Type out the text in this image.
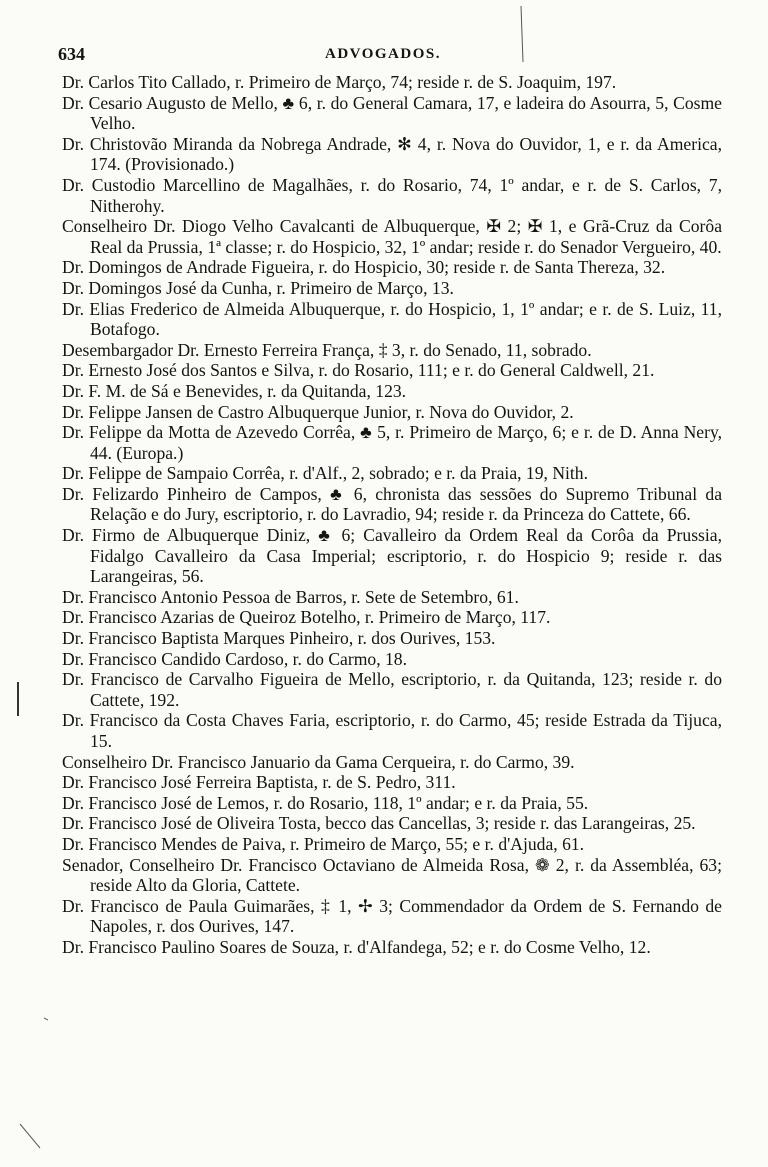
634	ADVOGADOS.

Dr. Carlos Tito Callado, r. Primeiro de Março, 74; reside r. de S. Joaquim, 197.

Dr. Cesario Augusto de Mello, ♣ 6, r. do General Camara, 17, e ladeira do Asourra, 5, Cosme Velho.

Dr. Christovão Miranda da Nobrega Andrade, ✻ 4, r. Nova do Ouvidor, 1, e r. da America, 174. (Provisionado.)

Dr. Custodio Marcellino de Magalhães, r. do Rosario, 74, 1º andar, e r. de S. Carlos, 7, Nitherohy.

Conselheiro Dr. Diogo Velho Cavalcanti de Albuquerque, ✠ 2; ✠ 1, e Grã-Cruz da Corôa Real da Prussia, 1ª classe; r. do Hospicio, 32, 1º andar; reside r. do Senador Vergueiro, 40.

Dr. Domingos de Andrade Figueira, r. do Hospicio, 30; reside r. de Santa Thereza, 32.

Dr. Domingos José da Cunha, r. Primeiro de Março, 13.

Dr. Elias Frederico de Almeida Albuquerque, r. do Hospicio, 1, 1º andar; e r. de S. Luiz, 11, Botafogo.

Desembargador Dr. Ernesto Ferreira França, ‡ 3, r. do Senado, 11, sobrado.

Dr. Ernesto José dos Santos e Silva, r. do Rosario, 111; e r. do General Caldwell, 21.

Dr. F. M. de Sá e Benevides, r. da Quitanda, 123.

Dr. Felippe Jansen de Castro Albuquerque Junior, r. Nova do Ouvidor, 2.

Dr. Felippe da Motta de Azevedo Corrêa, ♣ 5, r. Primeiro de Março, 6; e r. de D. Anna Nery, 44. (Europa.)

Dr. Felippe de Sampaio Corrêa, r. d'Alf., 2, sobrado; e r. da Praia, 19, Nith.

Dr. Felizardo Pinheiro de Campos, ♣ 6, chronista das sessões do Supremo Tribunal da Relação e do Jury, escriptorio, r. do Lavradio, 94; reside r. da Princeza do Cattete, 66.

Dr. Firmo de Albuquerque Diniz, ♣ 6; Cavalleiro da Ordem Real da Corôa da Prussia, Fidalgo Cavalleiro da Casa Imperial; escriptorio, r. do Hospicio 9; reside r. das Larangeiras, 56.

Dr. Francisco Antonio Pessoa de Barros, r. Sete de Setembro, 61.

Dr. Francisco Azarias de Queiroz Botelho, r. Primeiro de Março, 117.

Dr. Francisco Baptista Marques Pinheiro, r. dos Ourives, 153.

Dr. Francisco Candido Cardoso, r. do Carmo, 18.

Dr. Francisco de Carvalho Figueira de Mello, escriptorio, r. da Quitanda, 123; reside r. do Cattete, 192.

Dr. Francisco da Costa Chaves Faria, escriptorio, r. do Carmo, 45; reside Estrada da Tijuca, 15.

Conselheiro Dr. Francisco Januario da Gama Cerqueira, r. do Carmo, 39.

Dr. Francisco José Ferreira Baptista, r. de S. Pedro, 311.

Dr. Francisco José de Lemos, r. do Rosario, 118, 1º andar; e r. da Praia, 55.

Dr. Francisco José de Oliveira Tosta, becco das Cancellas, 3; reside r. das Larangeiras, 25.

Dr. Francisco Mendes de Paiva, r. Primeiro de Março, 55; e r. d'Ajuda, 61.

Senador, Conselheiro Dr. Francisco Octaviano de Almeida Rosa, ❁ 2, r. da Assembléa, 63; reside Alto da Gloria, Cattete.

Dr. Francisco de Paula Guimarães, ‡ 1, ✢ 3; Commendador da Ordem de S. Fernando de Napoles, r. dos Ourives, 147.

Dr. Francisco Paulino Soares de Souza, r. d'Alfandega, 52; e r. do Cosme Velho, 12.
